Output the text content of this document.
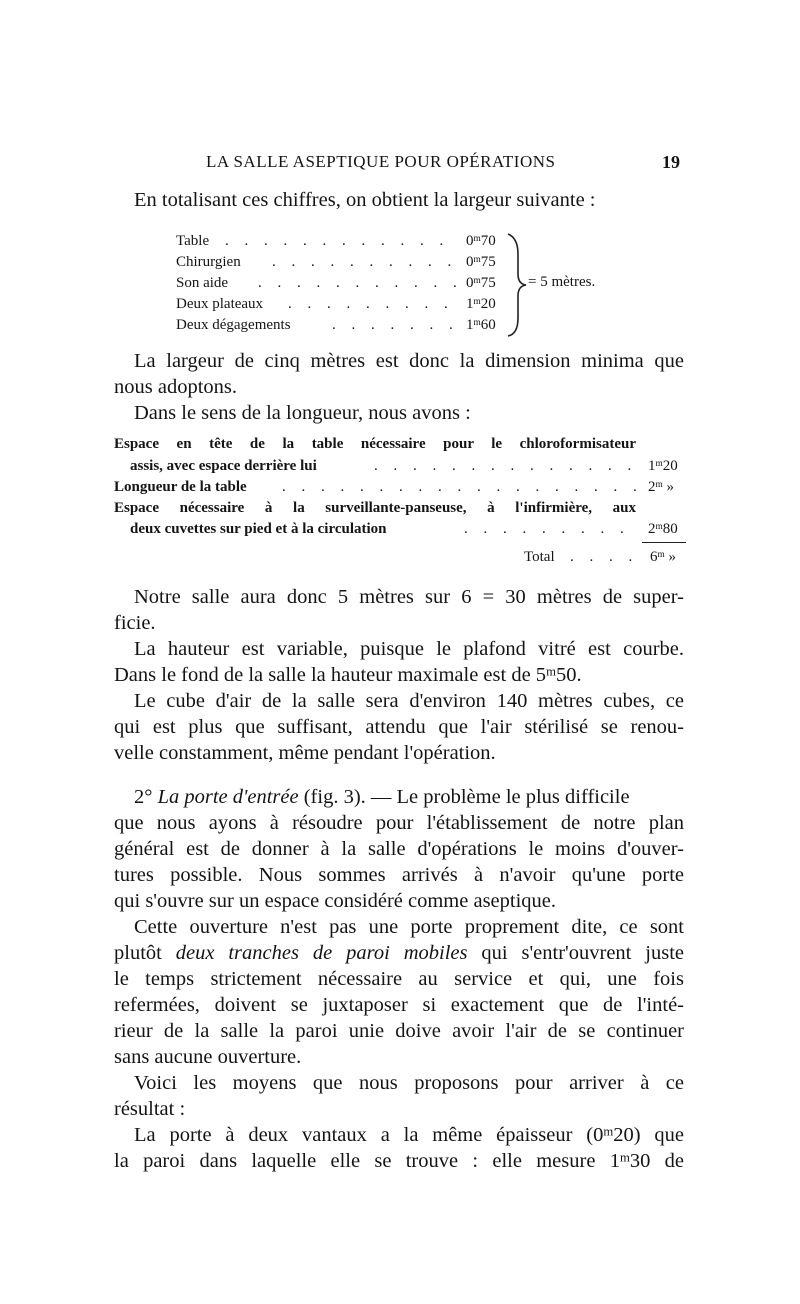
LA SALLE ASEPTIQUE POUR OPÉRATIONS	19
En totalisant ces chiffres, on obtient la largeur suivante :
Table . . .	0$^m$70
Chirurgien . . .	0$^m$75
Son aide . . .	0$^m$75
Deux plateaux . . .	1$^m$20
Deux dégagements . . .	$1^m60$
= 5 mètres.
La largeur de cinq mètres est donc la dimension minima que
nous adoptons.
Dans le sens de la longueur, nous avons :
Espace en tête de la table nécessaire pour le chloroformisateur
assis, avec espace derrière lui . . .	1$^m$20
Longueur de la table . . .	2$^m$ »
Espace nécessaire à la surveillante-panseuse, à l'infirmière, aux
deux cuvettes sur pied et à la circulation . . .	2$^m$80
Total . . .	6$^m$ »
Notre salle aura donc 5 mètres sur 6 = 30 mètres de super-
ficie.
La hauteur est variable, puisque le plafond vitré est courbe.
Dans le fond de la salle la hauteur maximale est de 5$^m$50.
Le cube d'air de la salle sera d'environ 140 mètres cubes, ce
qui est plus que suffisant, attendu que l'air stérilisé se renou-
velle constamment, même pendant l'opération.
2° La porte d'entrée (fig. 3). — Le problème le plus difficile
que nous ayons à résoudre pour l'établissement de notre plan
général est de donner à la salle d'opérations le moins d'ouver-
tures possible. Nous sommes arrivés à n'avoir qu'une porte
qui s'ouvre sur un espace considéré comme aseptique.
Cette ouverture n'est pas une porte proprement dite, ce sont
plutôt deux tranches de paroi mobiles qui s'entr'ouvrent juste
le temps strictement nécessaire au service et qui, une fois
refermées, doivent se juxtaposer si exactement que de l'inté-
rieur de la salle la paroi unie doive avoir l'air de se continuer
sans aucune ouverture.
Voici les moyens que nous proposons pour arriver à ce
résultat :
La porte à deux vantaux a la même épaisseur (0$^m$20) que
la paroi dans laquelle elle se trouve : elle mesure 1$^m$30 de
